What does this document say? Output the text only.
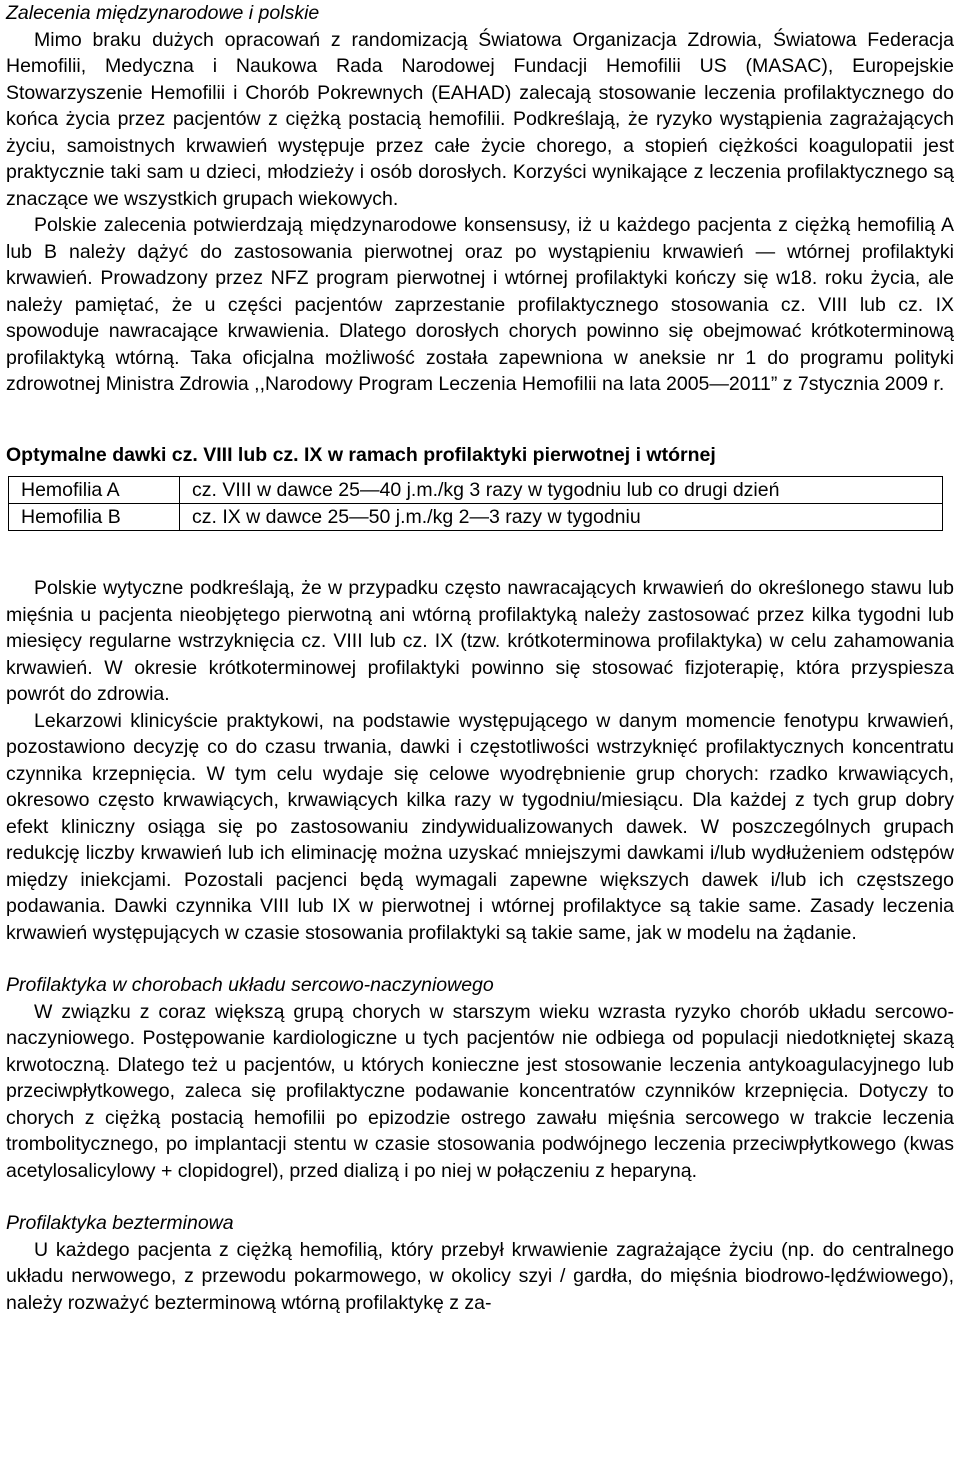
Zalecenia międzynarodowe i polskie

Mimo braku dużych opracowań z randomizacją Światowa Organizacja Zdrowia, Światowa Federacja Hemofilii, Medyczna i Naukowa Rada Narodowej Fundacji Hemofilii US (MASAC), Europejskie Stowarzyszenie Hemofilii i Chorób Pokrewnych (EAHAD) zalecają stosowanie leczenia profilaktycznego do końca życia przez pacjentów z ciężką postacią hemofilii. Podkreślają, że ryzyko wystąpienia zagrażających życiu, samoistnych krwawień występuje przez całe życie chorego, a stopień ciężkości koagulopatii jest praktycznie taki sam u dzieci, młodzieży i osób dorosłych. Korzyści wynikające z leczenia profilaktycznego są znaczące we wszystkich grupach wiekowych.

Polskie zalecenia potwierdzają międzynarodowe konsensusy, iż u każdego pacjenta z ciężką hemofilią A lub B należy dążyć do zastosowania pierwotnej oraz po wystąpieniu krwawień — wtórnej profilaktyki krwawień. Prowadzony przez NFZ program pierwotnej i wtórnej profilaktyki kończy się w18. roku życia, ale należy pamiętać, że u części pacjentów zaprzestanie profilaktycznego stosowania cz. VIII lub cz. IX spowoduje nawracające krwawienia. Dlatego dorosłych chorych powinno się obejmować krótkoterminową profilaktyką wtórną. Taka oficjalna możliwość została zapewniona w aneksie nr 1 do programu polityki zdrowotnej Ministra Zdrowia ,,Narodowy Program Leczenia Hemofilii na lata 2005—2011” z 7stycznia 2009 r.

Optymalne dawki cz. VIII lub cz. IX w ramach profilaktyki pierwotnej i wtórnej
Hemofilia A	cz. VIII w dawce 25—40 j.m./kg 3 razy w tygodniu lub co drugi dzień
Hemofilia B	cz. IX w dawce 25—50 j.m./kg 2—3 razy w tygodniu

Polskie wytyczne podkreślają, że w przypadku często nawracających krwawień do określonego stawu lub mięśnia u pacjenta nieobjętego pierwotną ani wtórną profilaktyką należy zastosować przez kilka tygodni lub miesięcy regularne wstrzyknięcia cz. VIII lub cz. IX (tzw. krótkoterminowa profilaktyka) w celu zahamowania krwawień. W okresie krótkoterminowej profilaktyki powinno się stosować fizjoterapię, która przyspiesza powrót do zdrowia.

Lekarzowi klinicyście praktykowi, na podstawie występującego w danym momencie fenotypu krwawień, pozostawiono decyzję co do czasu trwania, dawki i częstotliwości wstrzyknięć profilaktycznych koncentratu czynnika krzepnięcia. W tym celu wydaje się celowe wyodrębnienie grup chorych: rzadko krwawiących, okresowo często krwawiących, krwawiących kilka razy w tygodniu/miesiącu. Dla każdej z tych grup dobry efekt kliniczny osiąga się po zastosowaniu zindywidualizowanych dawek. W poszczególnych grupach redukcję liczby krwawień lub ich eliminację można uzyskać mniejszymi dawkami i/lub wydłużeniem odstępów między iniekcjami. Pozostali pacjenci będą wymagali zapewne większych dawek i/lub ich częstszego podawania. Dawki czynnika VIII lub IX w pierwotnej i wtórnej profilaktyce są takie same. Zasady leczenia krwawień występujących w czasie stosowania profilaktyki są takie same, jak w modelu na żądanie.

Profilaktyka w chorobach układu sercowo-naczyniowego

W związku z coraz większą grupą chorych w starszym wieku wzrasta ryzyko chorób układu sercowo-naczyniowego. Postępowanie kardiologiczne u tych pacjentów nie odbiega od populacji niedotkniętej skazą krwotoczną. Dlatego też u pacjentów, u których konieczne jest stosowanie leczenia antykoagulacyjnego lub przeciwpłytkowego, zaleca się profilaktyczne podawanie koncentratów czynników krzepnięcia. Dotyczy to chorych z ciężką postacią hemofilii po epizodzie ostrego zawału mięśnia sercowego w trakcie leczenia trombolitycznego, po implantacji stentu w czasie stosowania podwójnego leczenia przeciwpłytkowego (kwas acetylosalicylowy + clopidogrel), przed dializą i po niej w połączeniu z heparyną.

Profilaktyka bezterminowa

U każdego pacjenta z ciężką hemofilią, który przebył krwawienie zagrażające życiu (np. do centralnego układu nerwowego, z przewodu pokarmowego, w okolicy szyi / gardła, do mięśnia biodrowo-lędźwiowego), należy rozważyć bezterminową wtórną profilaktykę z za-
